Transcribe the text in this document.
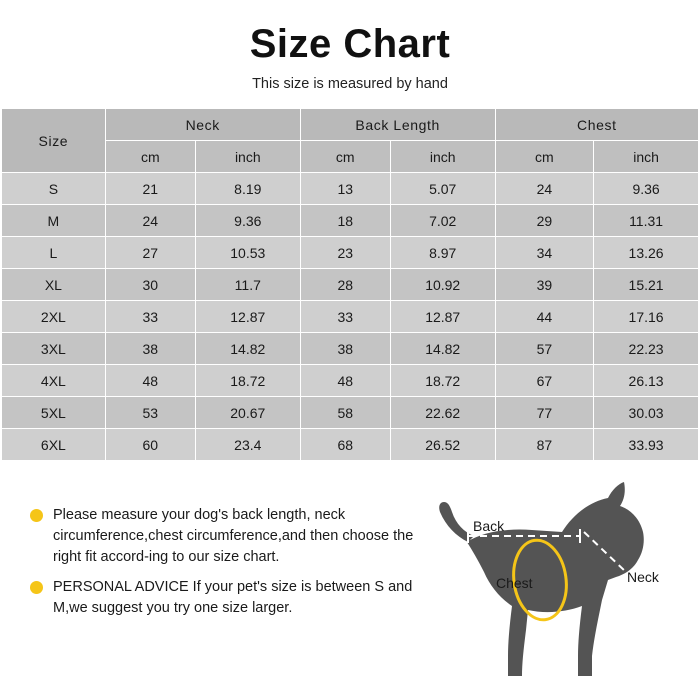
Size Chart
This size is measured by hand
Size	Neck		Back Length		Chest	
	cm	inch	cm	inch	cm	inch
S	21	8.19	13	5.07	24	9.36
M	24	9.36	18	7.02	29	11.31
L	27	10.53	23	8.97	34	13.26
XL	30	11.7	28	10.92	39	15.21
2XL	33	12.87	33	12.87	44	17.16
3XL	38	14.82	38	14.82	57	22.23
4XL	48	18.72	48	18.72	67	26.13
5XL	53	20.67	58	22.62	77	30.03
6XL	60	23.4	68	26.52	87	33.93
Please measure your dog's back length, neck circumference,chest circumference,and then choose the right fit accord-ing to our size chart.
PERSONAL ADVICE If your pet's size is between S and M,we suggest you try one size larger.
Back
Neck
Chest
